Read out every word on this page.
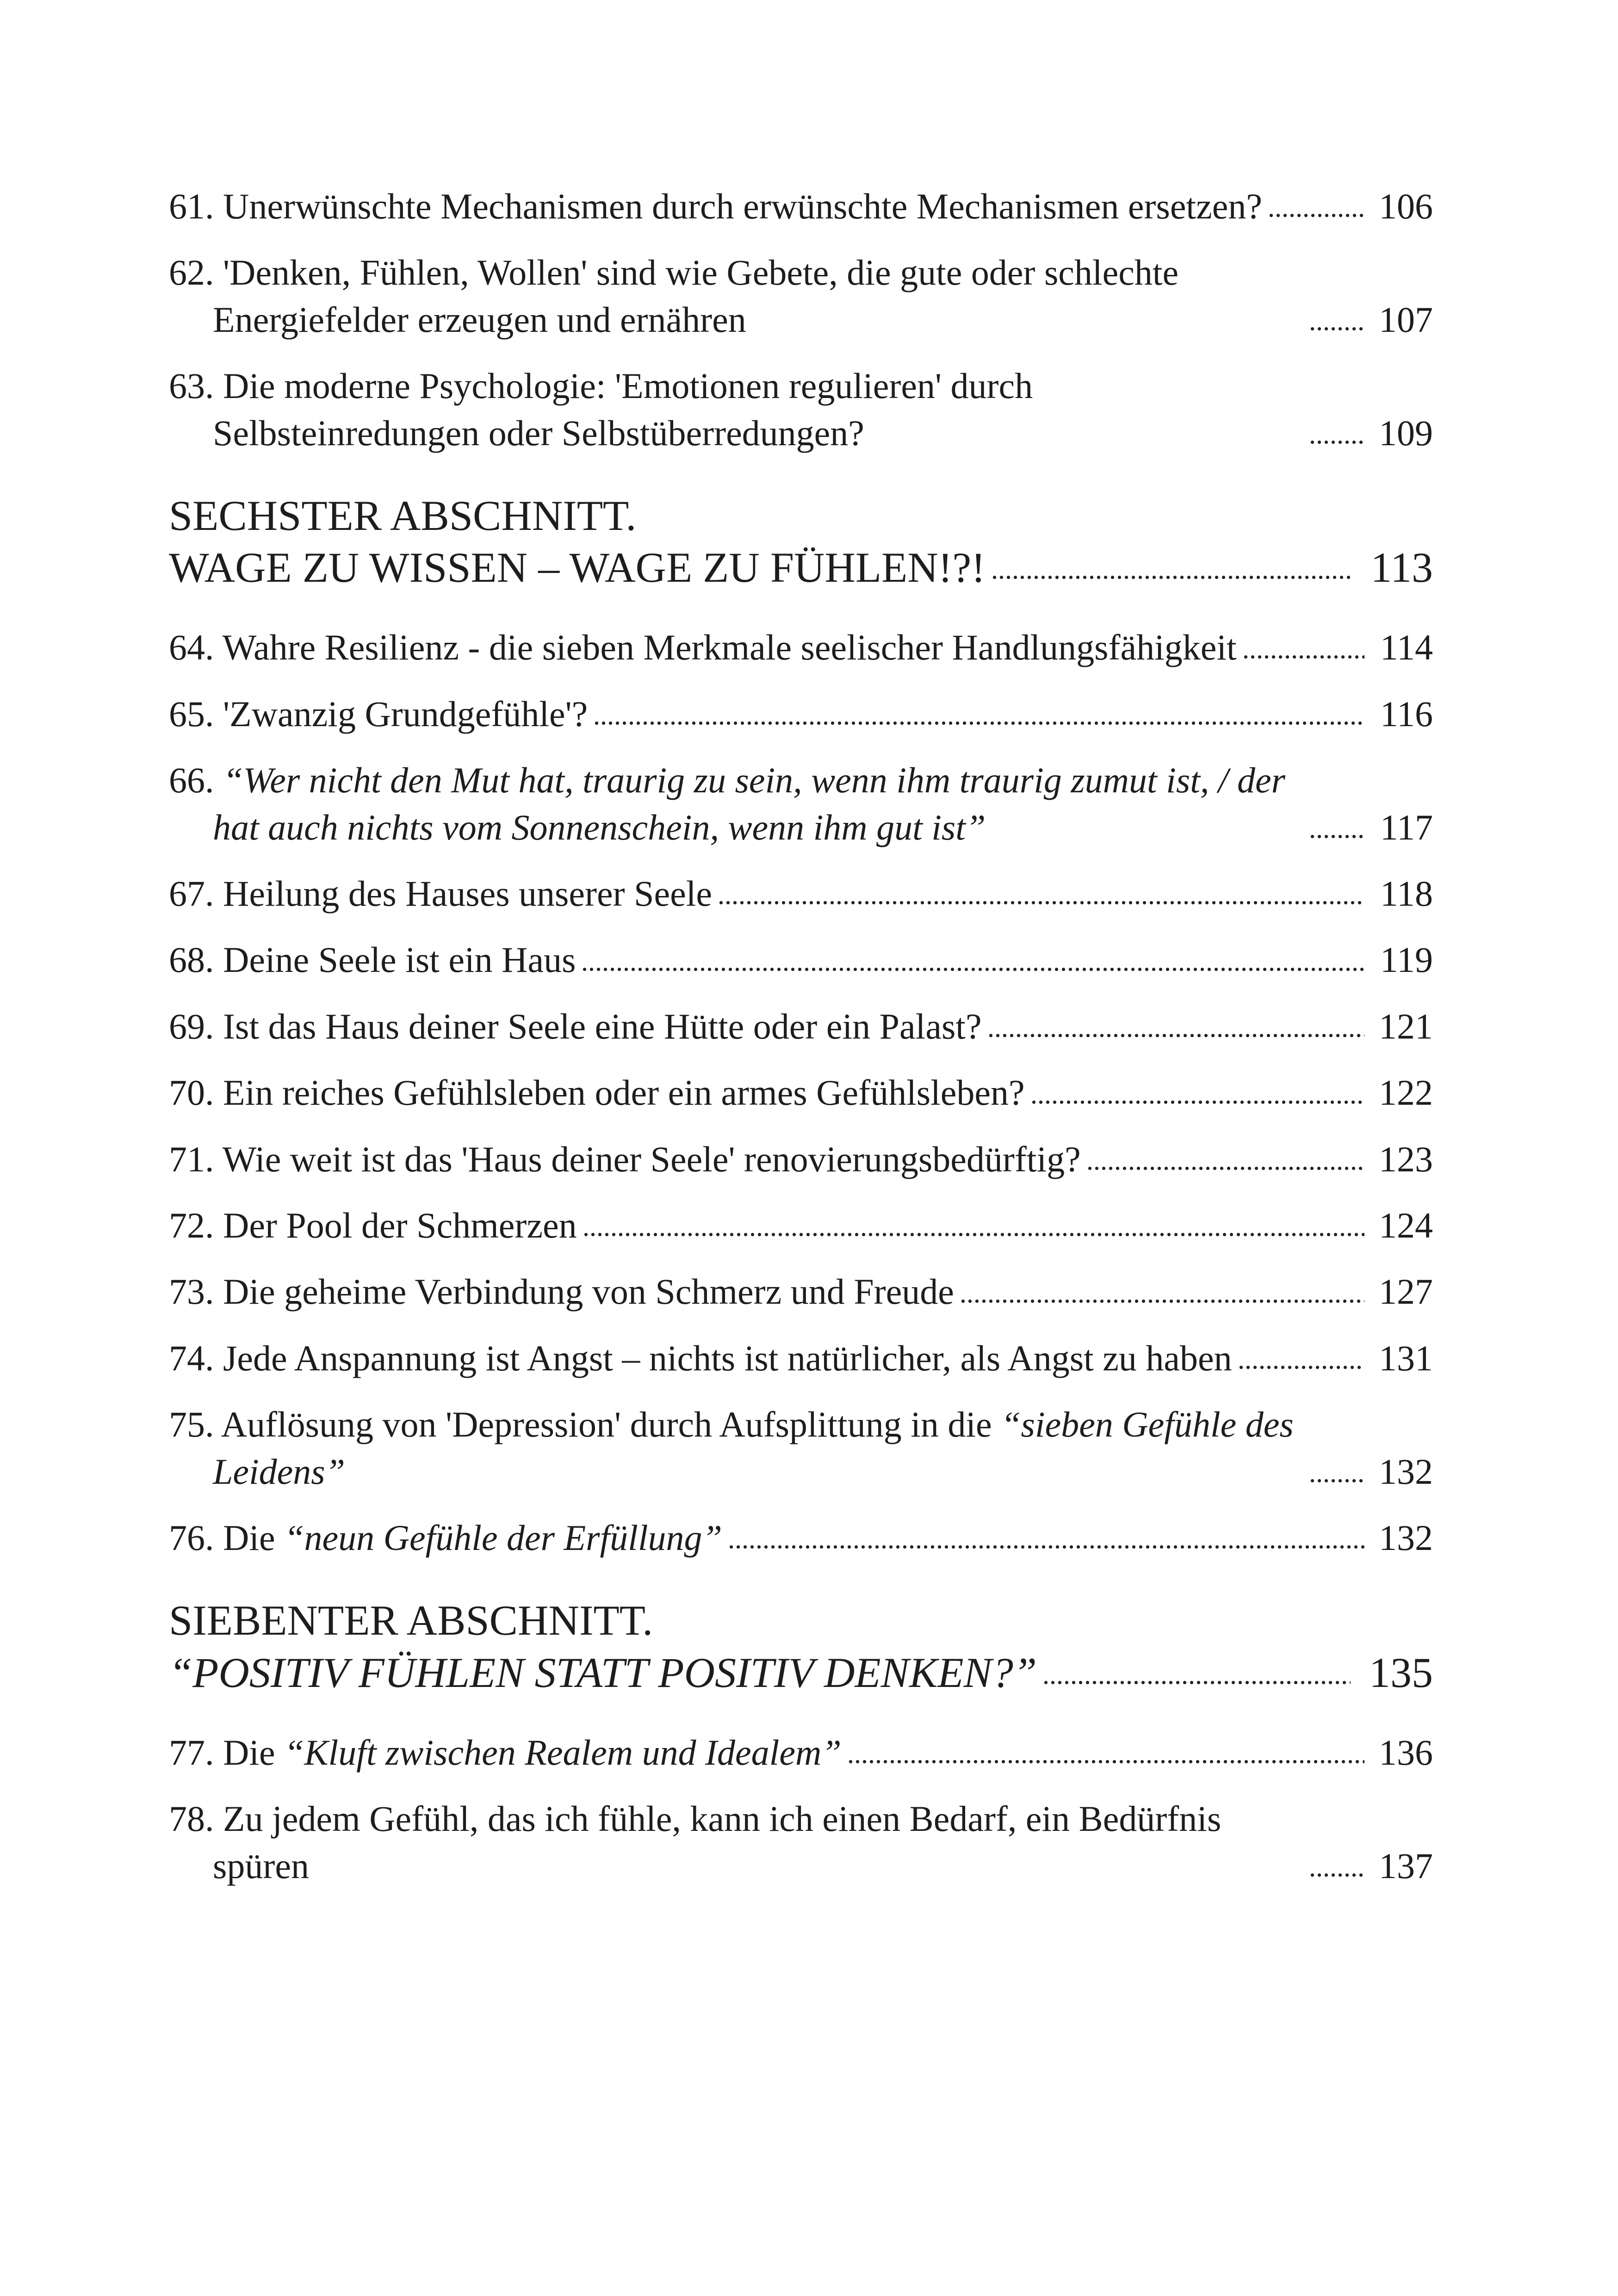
61. Unerwünschte Mechanismen durch erwünschte Mechanismen ersetzen?	106
62. 'Denken, Fühlen, Wollen' sind wie Gebete, die gute oder schlechte Energiefelder erzeugen und ernähren	107
63. Die moderne Psychologie: 'Emotionen regulieren' durch Selbsteinredungen oder Selbstüberredungen?	109
SECHSTER ABSCHNITT.
WAGE ZU WISSEN – WAGE ZU FÜHLEN!?!	113
64. Wahre Resilienz - die sieben Merkmale seelischer Handlungsfähigkeit	114
65. 'Zwanzig Grundgefühle'?	116
66. “Wer nicht den Mut hat, traurig zu sein, wenn ihm traurig zumut ist, / der hat auch nichts vom Sonnenschein, wenn ihm gut ist”	117
67. Heilung des Hauses unserer Seele	118
68. Deine Seele ist ein Haus	119
69. Ist das Haus deiner Seele eine Hütte oder ein Palast?	121
70. Ein reiches Gefühlsleben oder ein armes Gefühlsleben?	122
71. Wie weit ist das 'Haus deiner Seele' renovierungsbedürftig?	123
72. Der Pool der Schmerzen	124
73. Die geheime Verbindung von Schmerz und Freude	127
74. Jede Anspannung ist Angst – nichts ist natürlicher, als Angst zu haben	131
75. Auflösung von 'Depression' durch Aufsplittung in die “sieben Gefühle des Leidens”	132
76. Die “neun Gefühle der Erfüllung”	132
SIEBENTER ABSCHNITT.
“POSITIV FÜHLEN STATT POSITIV DENKEN?”	135
77. Die “Kluft zwischen Realem und Idealem”	136
78. Zu jedem Gefühl, das ich fühle, kann ich einen Bedarf, ein Bedürfnis spüren	137
